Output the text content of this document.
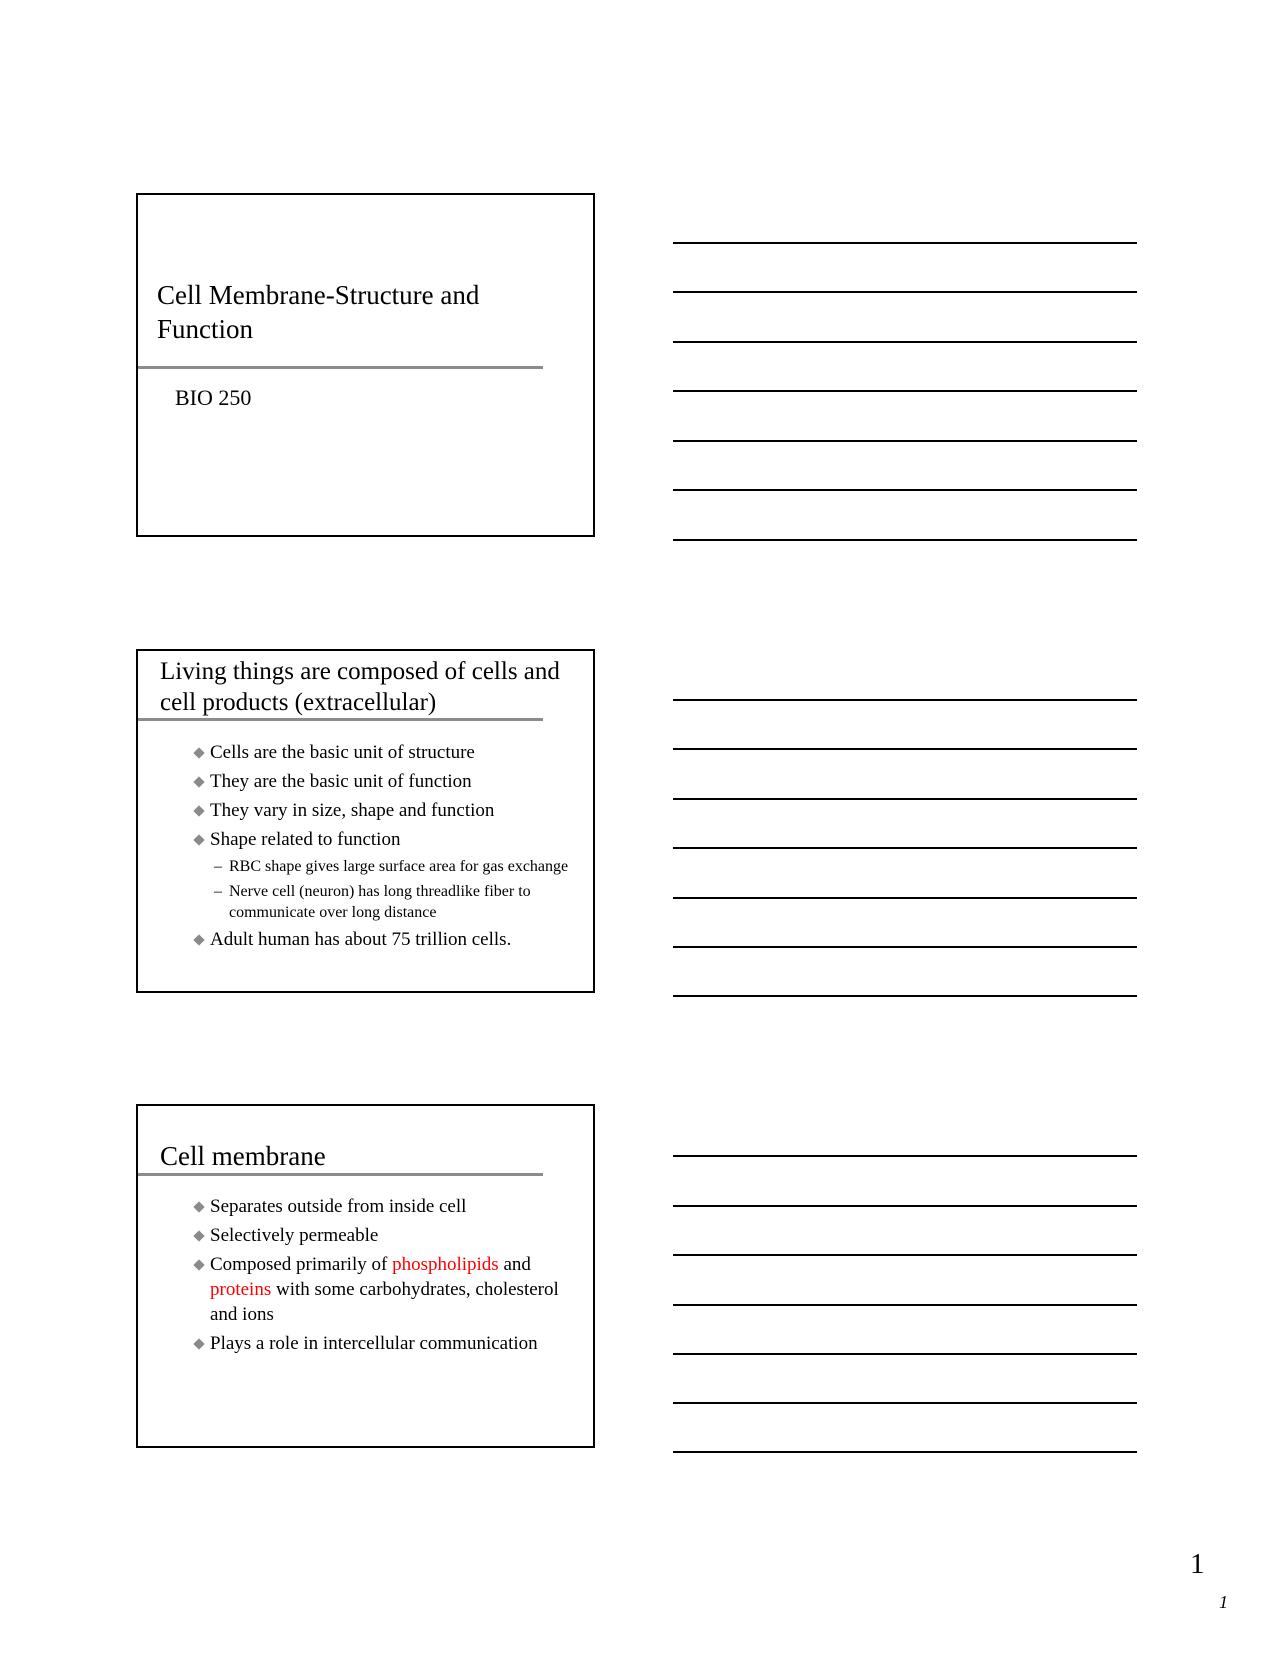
Cell Membrane-Structure and Function
BIO 250
Living things are composed of cells and cell products (extracellular)
Cells are the basic unit of structure
They are the basic unit of function
They vary in size, shape and function
Shape related to function
– RBC shape gives large surface area for gas exchange
– Nerve cell (neuron) has long threadlike fiber to communicate over long distance
Adult human has about 75 trillion cells.
Cell membrane
Separates outside from inside cell
Selectively permeable
Composed primarily of phospholipids and proteins with some carbohydrates, cholesterol and ions
Plays a role in intercellular communication
1
1
